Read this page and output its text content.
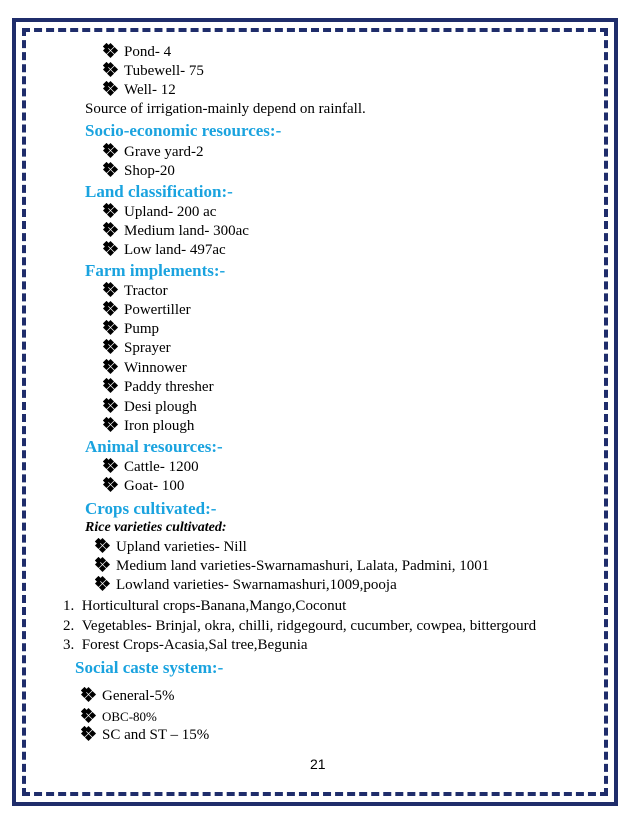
Pond- 4
Tubewell- 75
Well- 12
Source of irrigation-mainly depend on rainfall.
Socio-economic resources:-
Grave yard-2
Shop-20
Land classification:-
Upland- 200 ac
Medium land- 300ac
Low land- 497ac
Farm implements:-
Tractor
Powertiller
Pump
Sprayer
Winnower
Paddy thresher
Desi plough
Iron plough
Animal resources:-
Cattle- 1200
Goat- 100
Crops cultivated:-
Rice varieties cultivated:
Upland varieties- Nill
Medium land varieties-Swarnamashuri, Lalata, Padmini, 1001
Lowland varieties- Swarnamashuri,1009,pooja
1. Horticultural crops-Banana,Mango,Coconut
2. Vegetables- Brinjal, okra, chilli, ridgegourd, cucumber, cowpea, bittergourd
3. Forest Crops-Acasia,Sal tree,Begunia
Social caste system:-
General-5%
OBC-80%
SC and ST – 15%
21
